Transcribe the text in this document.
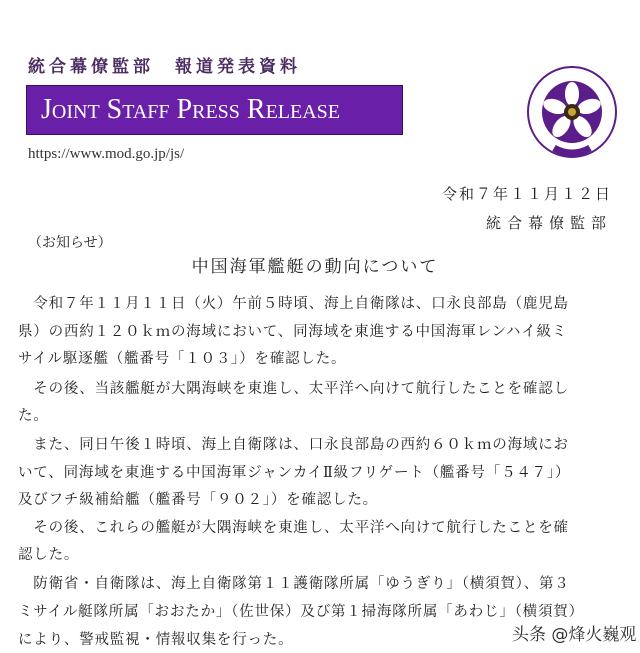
統合幕僚監部　報道発表資料
Joint Staff Press Release
https://www.mod.go.jp/js/
令和７年１１月１２日
統合幕僚監部
（お知らせ）
中国海軍艦艇の動向について
　令和７年１１月１１日（火）午前５時頃、海上自衛隊は、口永良部島（鹿児島
県）の西約１２０ｋｍの海域において、同海域を東進する中国海軍レンハイ級ミ
サイル駆逐艦（艦番号「１０３」）を確認した。
　その後、当該艦艇が大隅海峡を東進し、太平洋へ向けて航行したことを確認し
た。
　また、同日午後１時頃、海上自衛隊は、口永良部島の西約６０ｋｍの海域にお
いて、同海域を東進する中国海軍ジャンカイⅡ級フリゲート（艦番号「５４７」）
及びフチ級補給艦（艦番号「９０２」）を確認した。
　その後、これらの艦艇が大隅海峡を東進し、太平洋へ向けて航行したことを確
認した。
　防衛省・自衛隊は、海上自衛隊第１１護衛隊所属「ゆうぎり」（横須賀）、第３
ミサイル艇隊所属「おおたか」（佐世保）及び第１掃海隊所属「あわじ」（横須賀）
により、警戒監視・情報収集を行った。	头条 @烽火巍观
